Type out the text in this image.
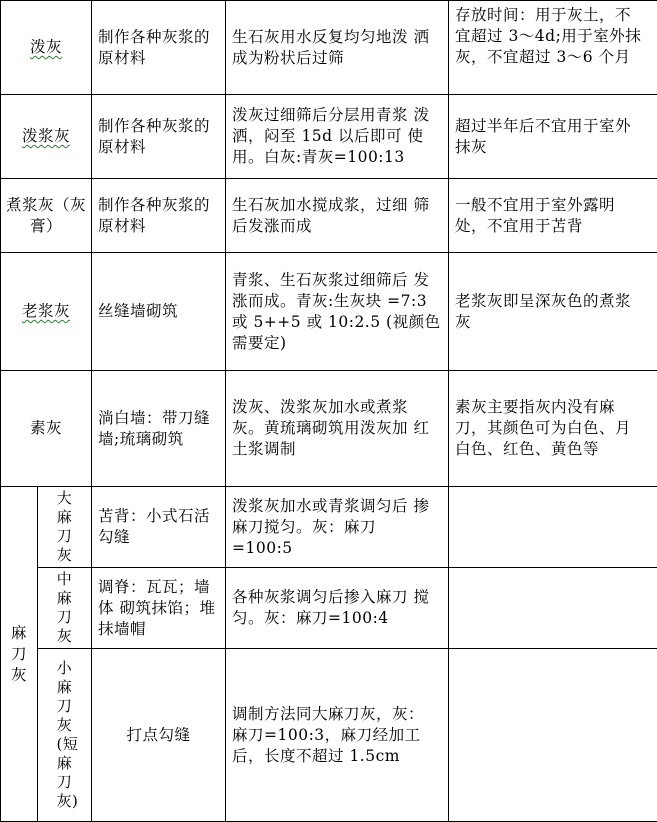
泼灰		制作各种灰浆的原材料	生石灰用水反复均匀地泼 洒成为粉状后过筛	存放时间：用于灰土，不 宜超过 3～4d;用于室外抹 灰，不宜超过 3～6 个月
泼浆灰		制作各种灰浆的原材料	泼灰过细筛后分层用青浆 泼洒，闷至 15d 以后即可 使用。白灰:青灰=100:13	超过半年后不宜用于室外 抹灰
煮浆灰（灰膏）		制作各种灰浆的原材料	生石灰加水搅成浆，过细 筛后发涨而成	一般不宜用于室外露明 处，不宜用于苫背
老浆灰		丝缝墙砌筑	青浆、生石灰浆过细筛后 发涨而成。青灰:生灰块 =7:3 或 5++5 或 10:2.5 (视颜色需要定)	老浆灰即呈深灰色的煮浆 灰
素灰		淌白墙：带刀缝 墙;琉璃砌筑	泼灰、泼浆灰加水或煮浆 灰。黄琉璃砌筑用泼灰加 红土浆调制	素灰主要指灰内没有麻 刀，其颜色可为白色、月 白色、红色、黄色等
麻刀灰	大麻刀灰	苫背：小式石活勾缝	泼浆灰加水或青浆调匀后 掺麻刀搅匀。灰：麻刀 =100:5	
	中麻刀灰	调脊：瓦瓦；墙体 砌筑抹馅；堆抹墙帽	各种灰浆调匀后掺入麻刀 搅匀。灰：麻刀=100:4	
	小麻刀灰(短麻刀灰)	打点勾缝	调制方法同大麻刀灰，灰： 麻刀=100:3，麻刀经加工 后，长度不超过 1.5cm	
